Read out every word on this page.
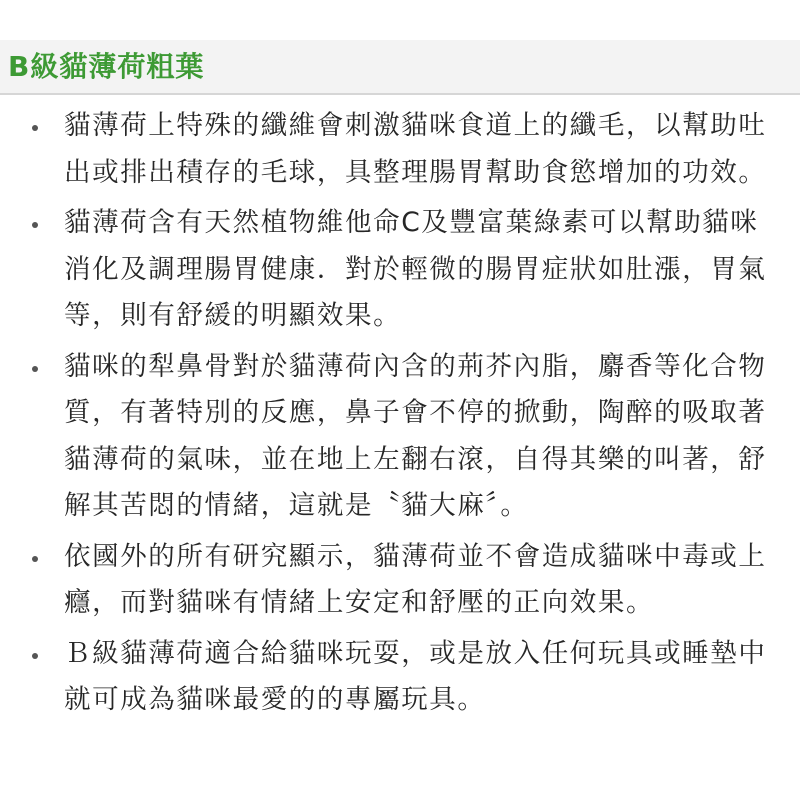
B級貓薄荷粗葉
貓薄荷上特殊的纖維會刺激貓咪食道上的纖毛，以幫助吐出或排出積存的毛球，具整理腸胃幫助食慾增加的功效。
貓薄荷含有天然植物維他命C及豐富葉綠素可以幫助貓咪消化及調理腸胃健康．對於輕微的腸胃症狀如肚漲，胃氣　等，則有舒緩的明顯效果。
貓咪的犁鼻骨對於貓薄荷內含的荊芥內脂，麝香等化合物質，有著特別的反應，鼻子會不停的掀動，陶醉的吸取著貓薄荷的氣味，並在地上左翻右滾，自得其樂的叫著，舒解其苦悶的情緒，這就是〝貓大麻〞。
依國外的所有研究顯示，貓薄荷並不會造成貓咪中毒或上癮，而對貓咪有情緒上安定和舒壓的正向效果。
Ｂ級貓薄荷適合給貓咪玩耍，或是放入任何玩具或睡墊中就可成為貓咪最愛的的專屬玩具。
